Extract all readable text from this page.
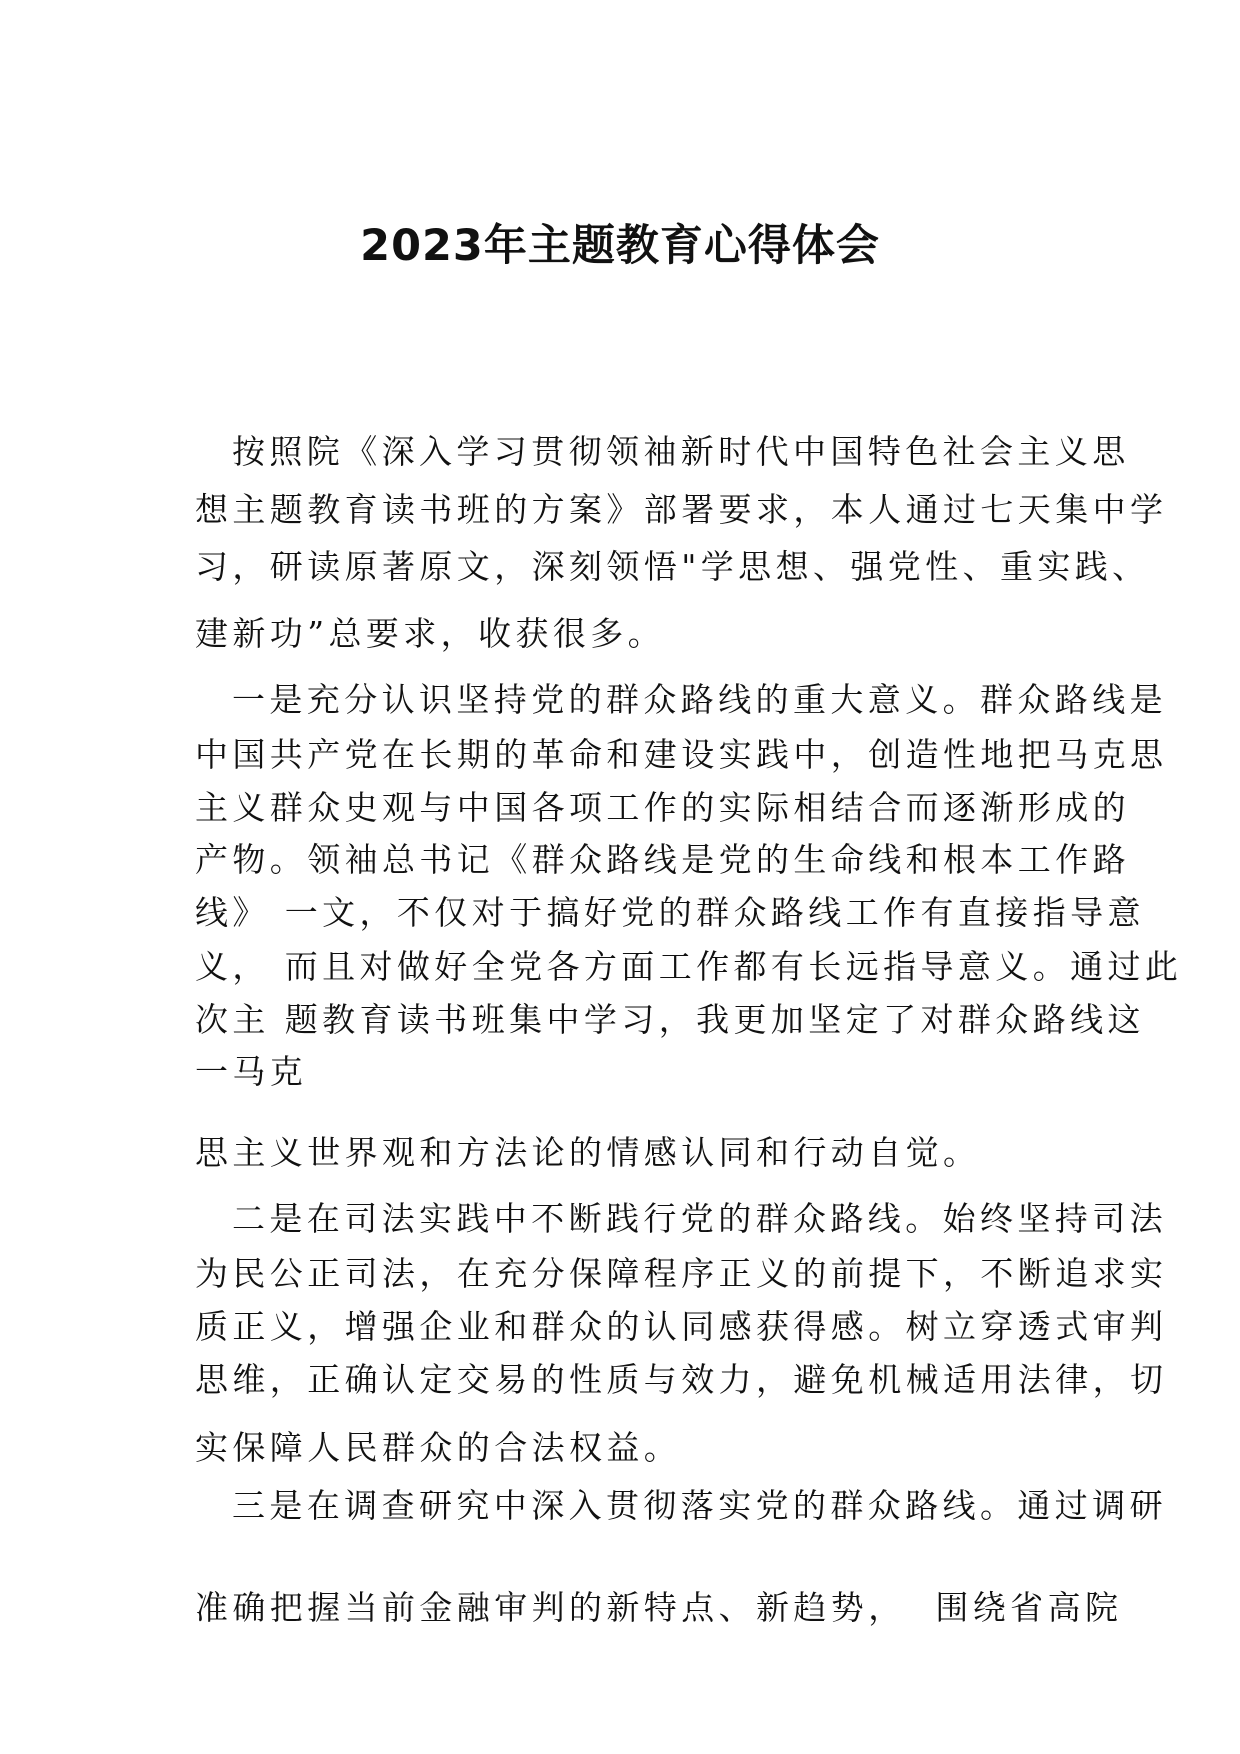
2023年主题教育心得体会

按照院《深入学习贯彻领袖新时代中国特色社会主义思

想主题教育读书班的方案》部署要求，本人通过七天集中学

习，研读原著原文，深刻领悟"学思想、强党性、重实践、

建新功”总要求，收获很多。

一是充分认识坚持党的群众路线的重大意义。群众路线是

中国共产党在长期的革命和建设实践中，创造性地把马克思

主义群众史观与中国各项工作的实际相结合而逐渐形成的

产物。领袖总书记《群众路线是党的生命线和根本工作路

线》 一文，不仅对于搞好党的群众路线工作有直接指导意

义， 而且对做好全党各方面工作都有长远指导意义。通过此

次主 题教育读书班集中学习，我更加坚定了对群众路线这

一马克

思主义世界观和方法论的情感认同和行动自觉。

二是在司法实践中不断践行党的群众路线。始终坚持司法

为民公正司法，在充分保障程序正义的前提下，不断追求实

质正义，增强企业和群众的认同感获得感。树立穿透式审判

思维，正确认定交易的性质与效力，避免机械适用法律，切

实保障人民群众的合法权益。

三是在调查研究中深入贯彻落实党的群众路线。通过调研

准确把握当前金融审判的新特点、新趋势，  围绕省高院
